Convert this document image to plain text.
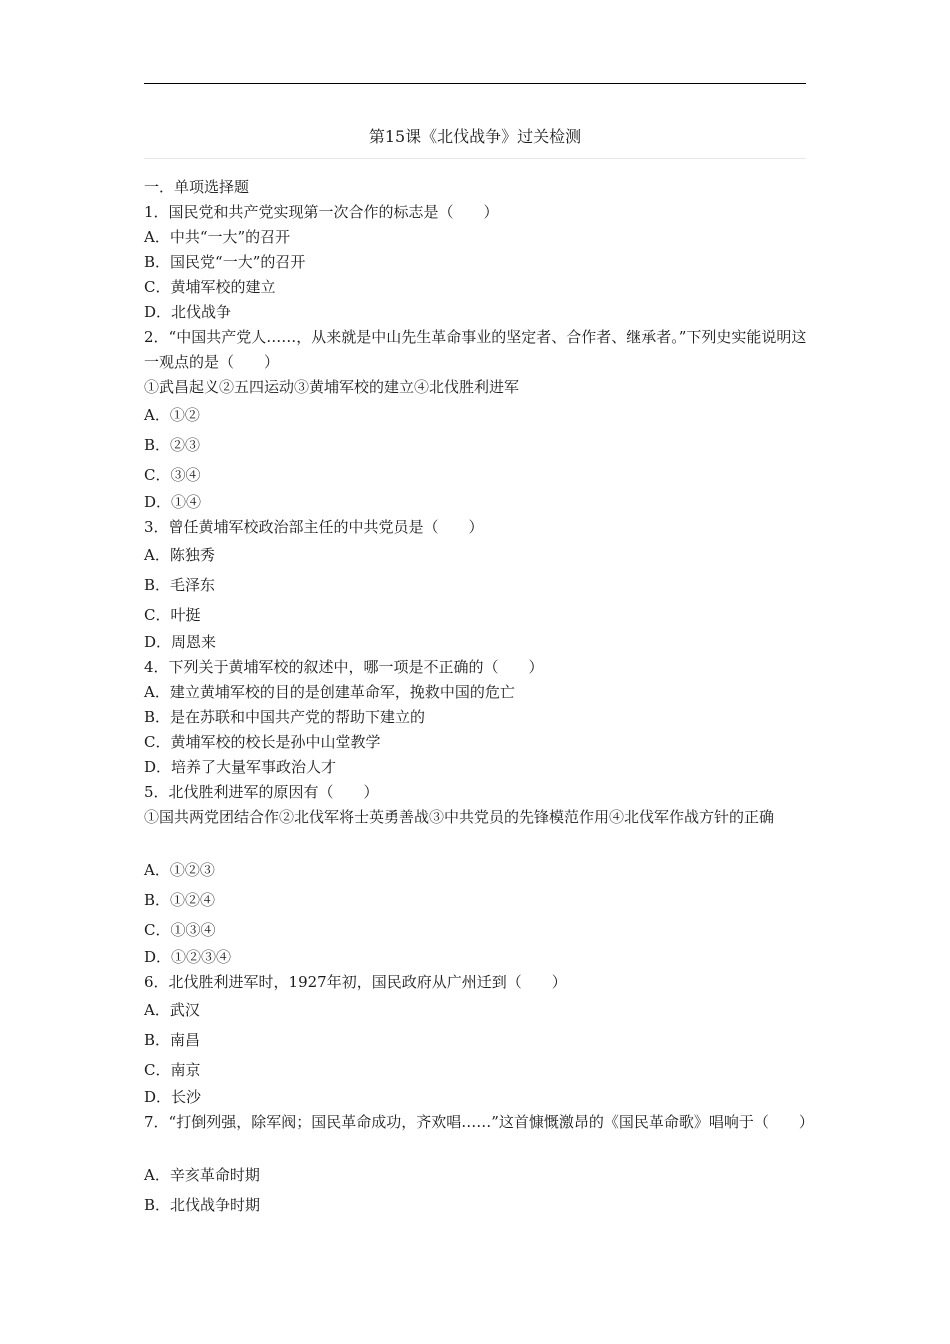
第15课《北伐战争》过关检测
一．单项选择题
1．国民党和共产党实现第一次合作的标志是（　　）
A．中共“一大”的召开
B．国民党“一大”的召开
C．黄埔军校的建立
D．北伐战争
2．“中国共产党人……，从来就是中山先生革命事业的坚定者、合作者、继承者。”下列史实能说明这一观点的是（　　）
①武昌起义②五四运动③黄埔军校的建立④北伐胜利进军
A．①②
B．②③
C．③④
D．①④
3．曾任黄埔军校政治部主任的中共党员是（　　）
A．陈独秀
B．毛泽东
C．叶挺
D．周恩来
4．下列关于黄埔军校的叙述中，哪一项是不正确的（　　）
A．建立黄埔军校的目的是创建革命军，挽救中国的危亡
B．是在苏联和中国共产党的帮助下建立的
C．黄埔军校的校长是孙中山堂教学
D．培养了大量军事政治人才
5．北伐胜利进军的原因有（　　）
①国共两党团结合作②北伐军将士英勇善战③中共党员的先锋模范作用④北伐军作战方针的正确
A．①②③
B．①②④
C．①③④
D．①②③④
6．北伐胜利进军时，1927年初，国民政府从广州迁到（　　）
A．武汉
B．南昌
C．南京
D．长沙
7．“打倒列强，除军阀；国民革命成功，齐欢唱……”这首慷慨激昂的《国民革命歌》唱响于（　　）
A．辛亥革命时期
B．北伐战争时期
